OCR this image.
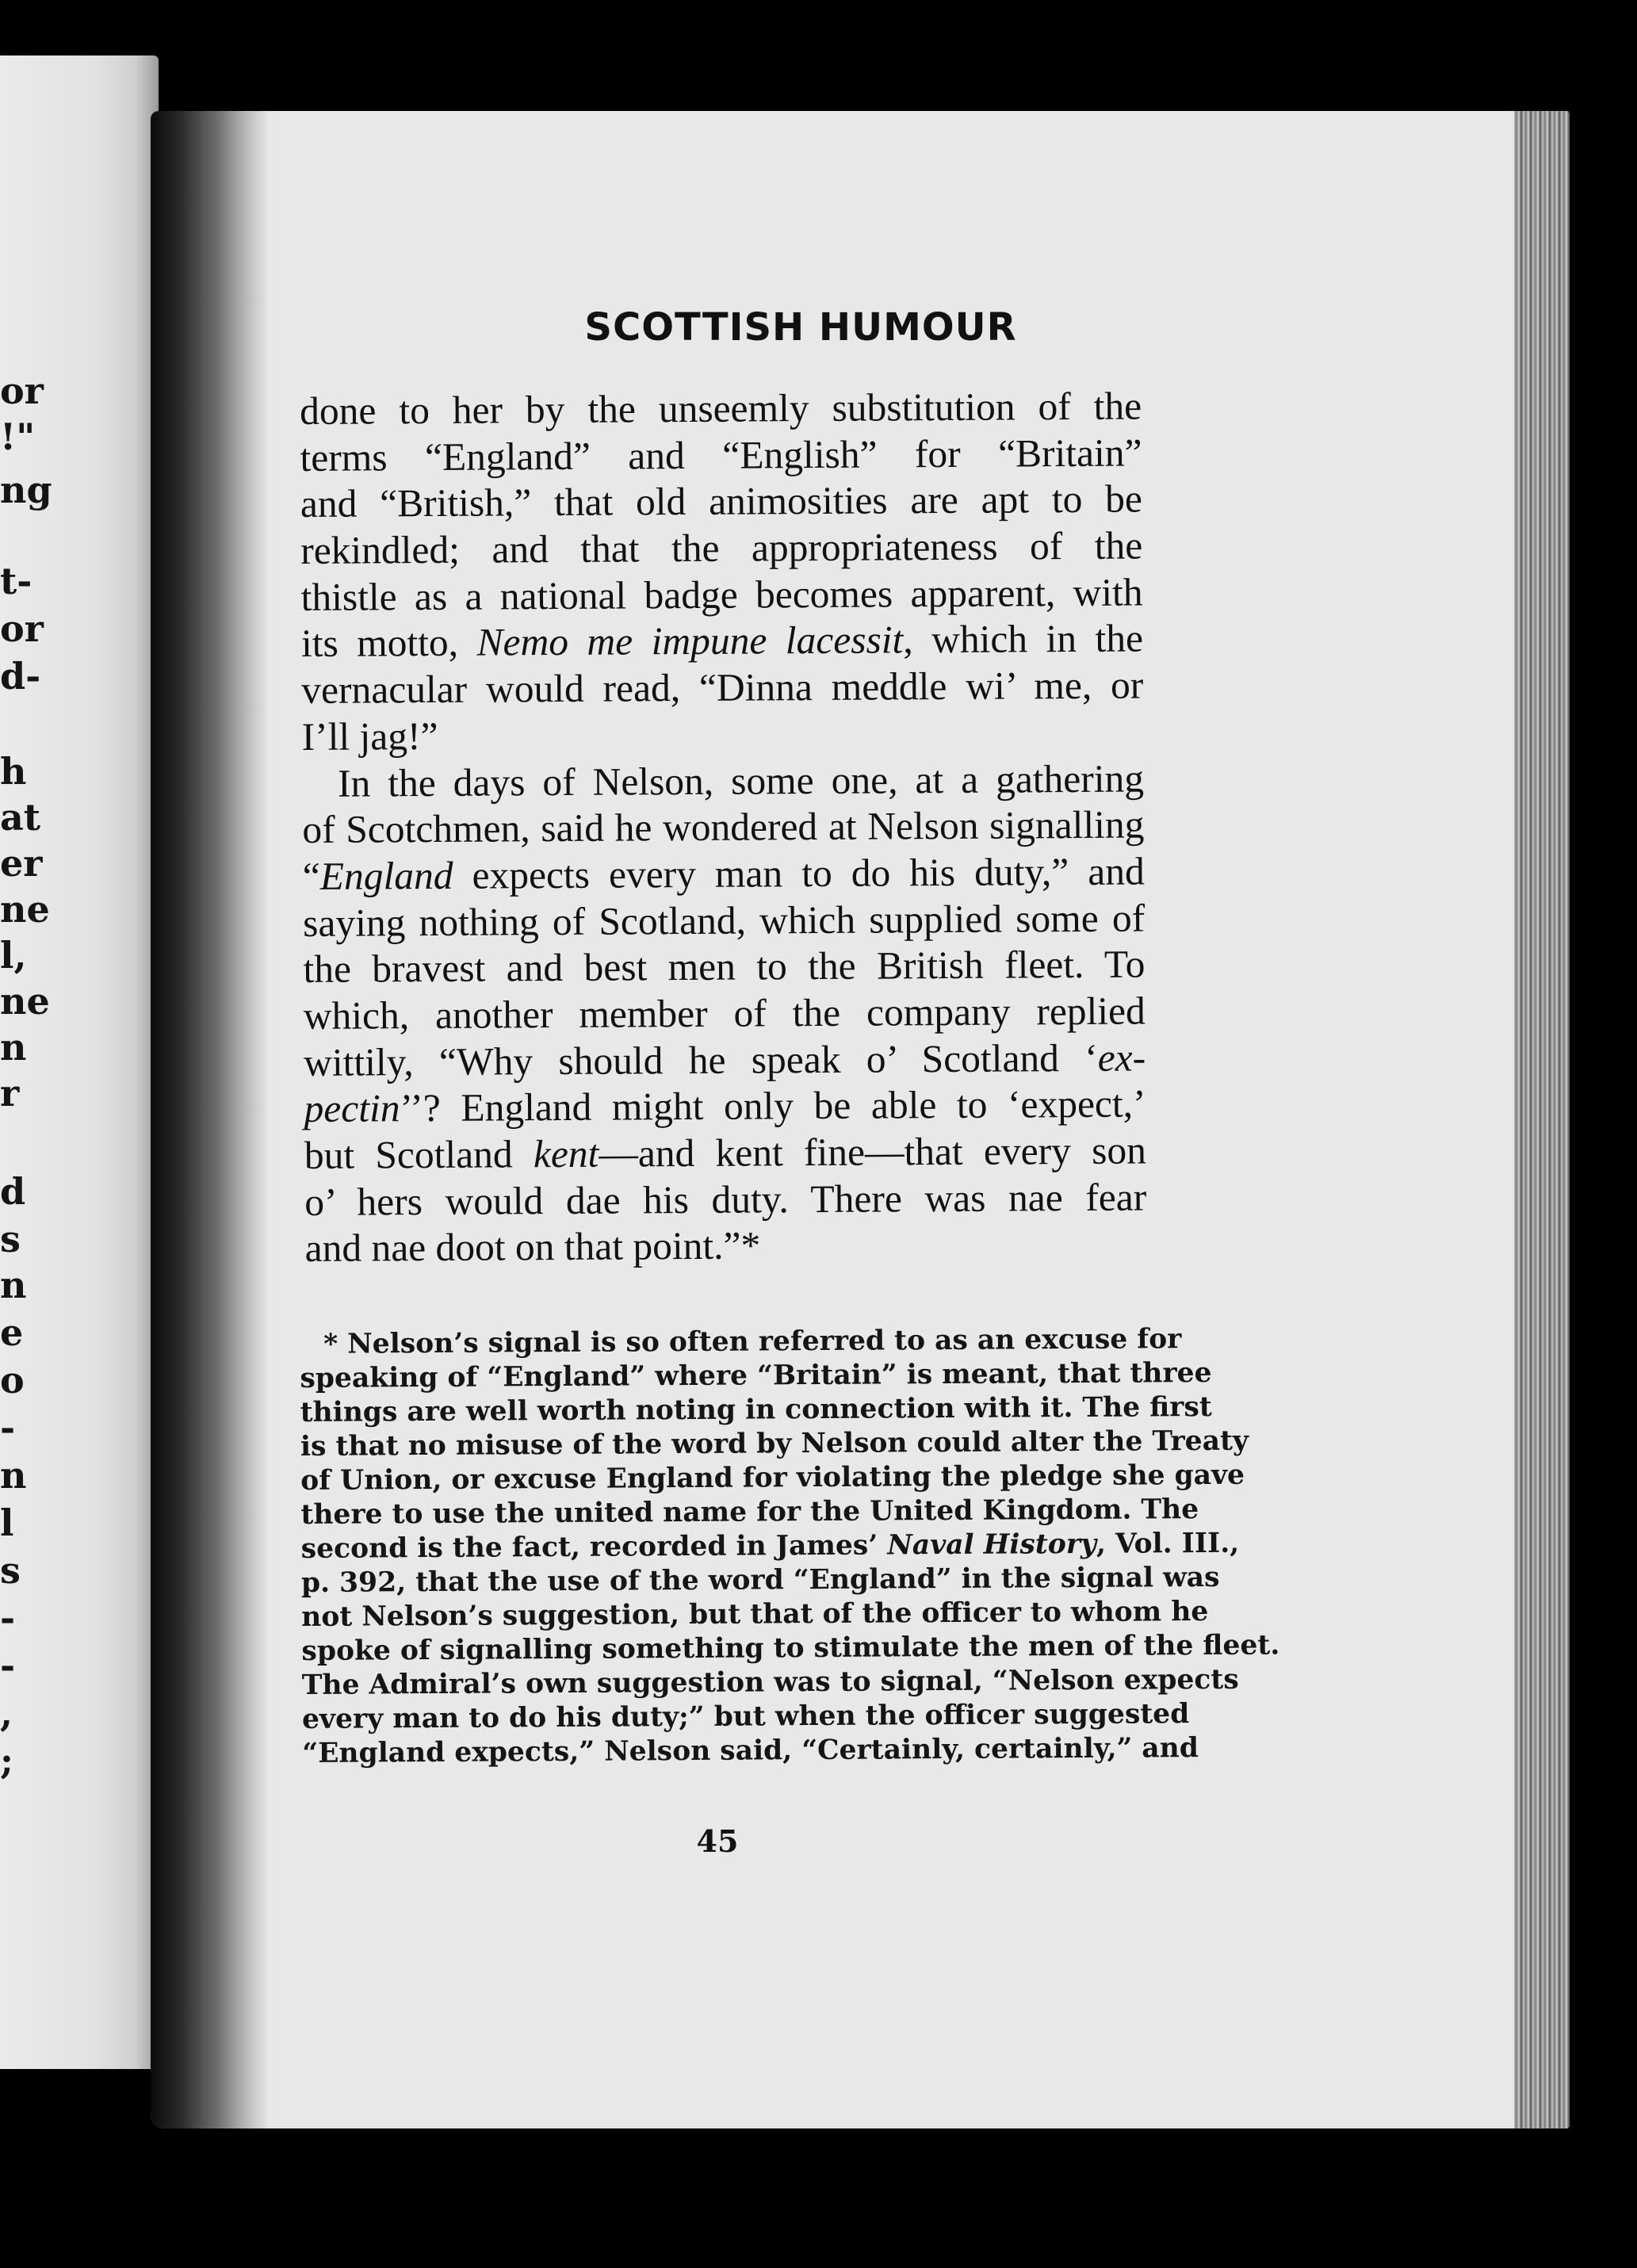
or
!"
ng
t-
or
d-
h
at
er
ne
l,
ne
n
r
d
s
n
e
o
-
n
l
s
-
-
,
;
SCOTTISH HUMOUR
done to her by the unseemly substitution of the
terms “England” and “English” for “Britain”
and “British,” that old animosities are apt to be
rekindled; and that the appropriateness of the
thistle as a national badge becomes apparent, with
its motto, Nemo me impune lacessit, which in the
vernacular would read, “Dinna meddle wi’ me, or
I’ll jag!”
In the days of Nelson, some one, at a gathering
of Scotchmen, said he wondered at Nelson signalling
“England expects every man to do his duty,” and
saying nothing of Scotland, which supplied some of
the bravest and best men to the British fleet. To
which, another member of the company replied
wittily, “Why should he speak o’ Scotland ‘ex-
pectin’’? England might only be able to ‘expect,’
but Scotland kent—and kent fine—that every son
o’ hers would dae his duty. There was nae fear
and nae doot on that point.”*
* Nelson’s signal is so often referred to as an excuse for
speaking of “England” where “Britain” is meant, that three
things are well worth noting in connection with it. The first
is that no misuse of the word by Nelson could alter the Treaty
of Union, or excuse England for violating the pledge she gave
there to use the united name for the United Kingdom. The
second is the fact, recorded in James’ Naval History, Vol. III.,
p. 392, that the use of the word “England” in the signal was
not Nelson’s suggestion, but that of the officer to whom he
spoke of signalling something to stimulate the men of the fleet.
The Admiral’s own suggestion was to signal, “Nelson expects
every man to do his duty;” but when the officer suggested
“England expects,” Nelson said, “Certainly, certainly,” and
45
